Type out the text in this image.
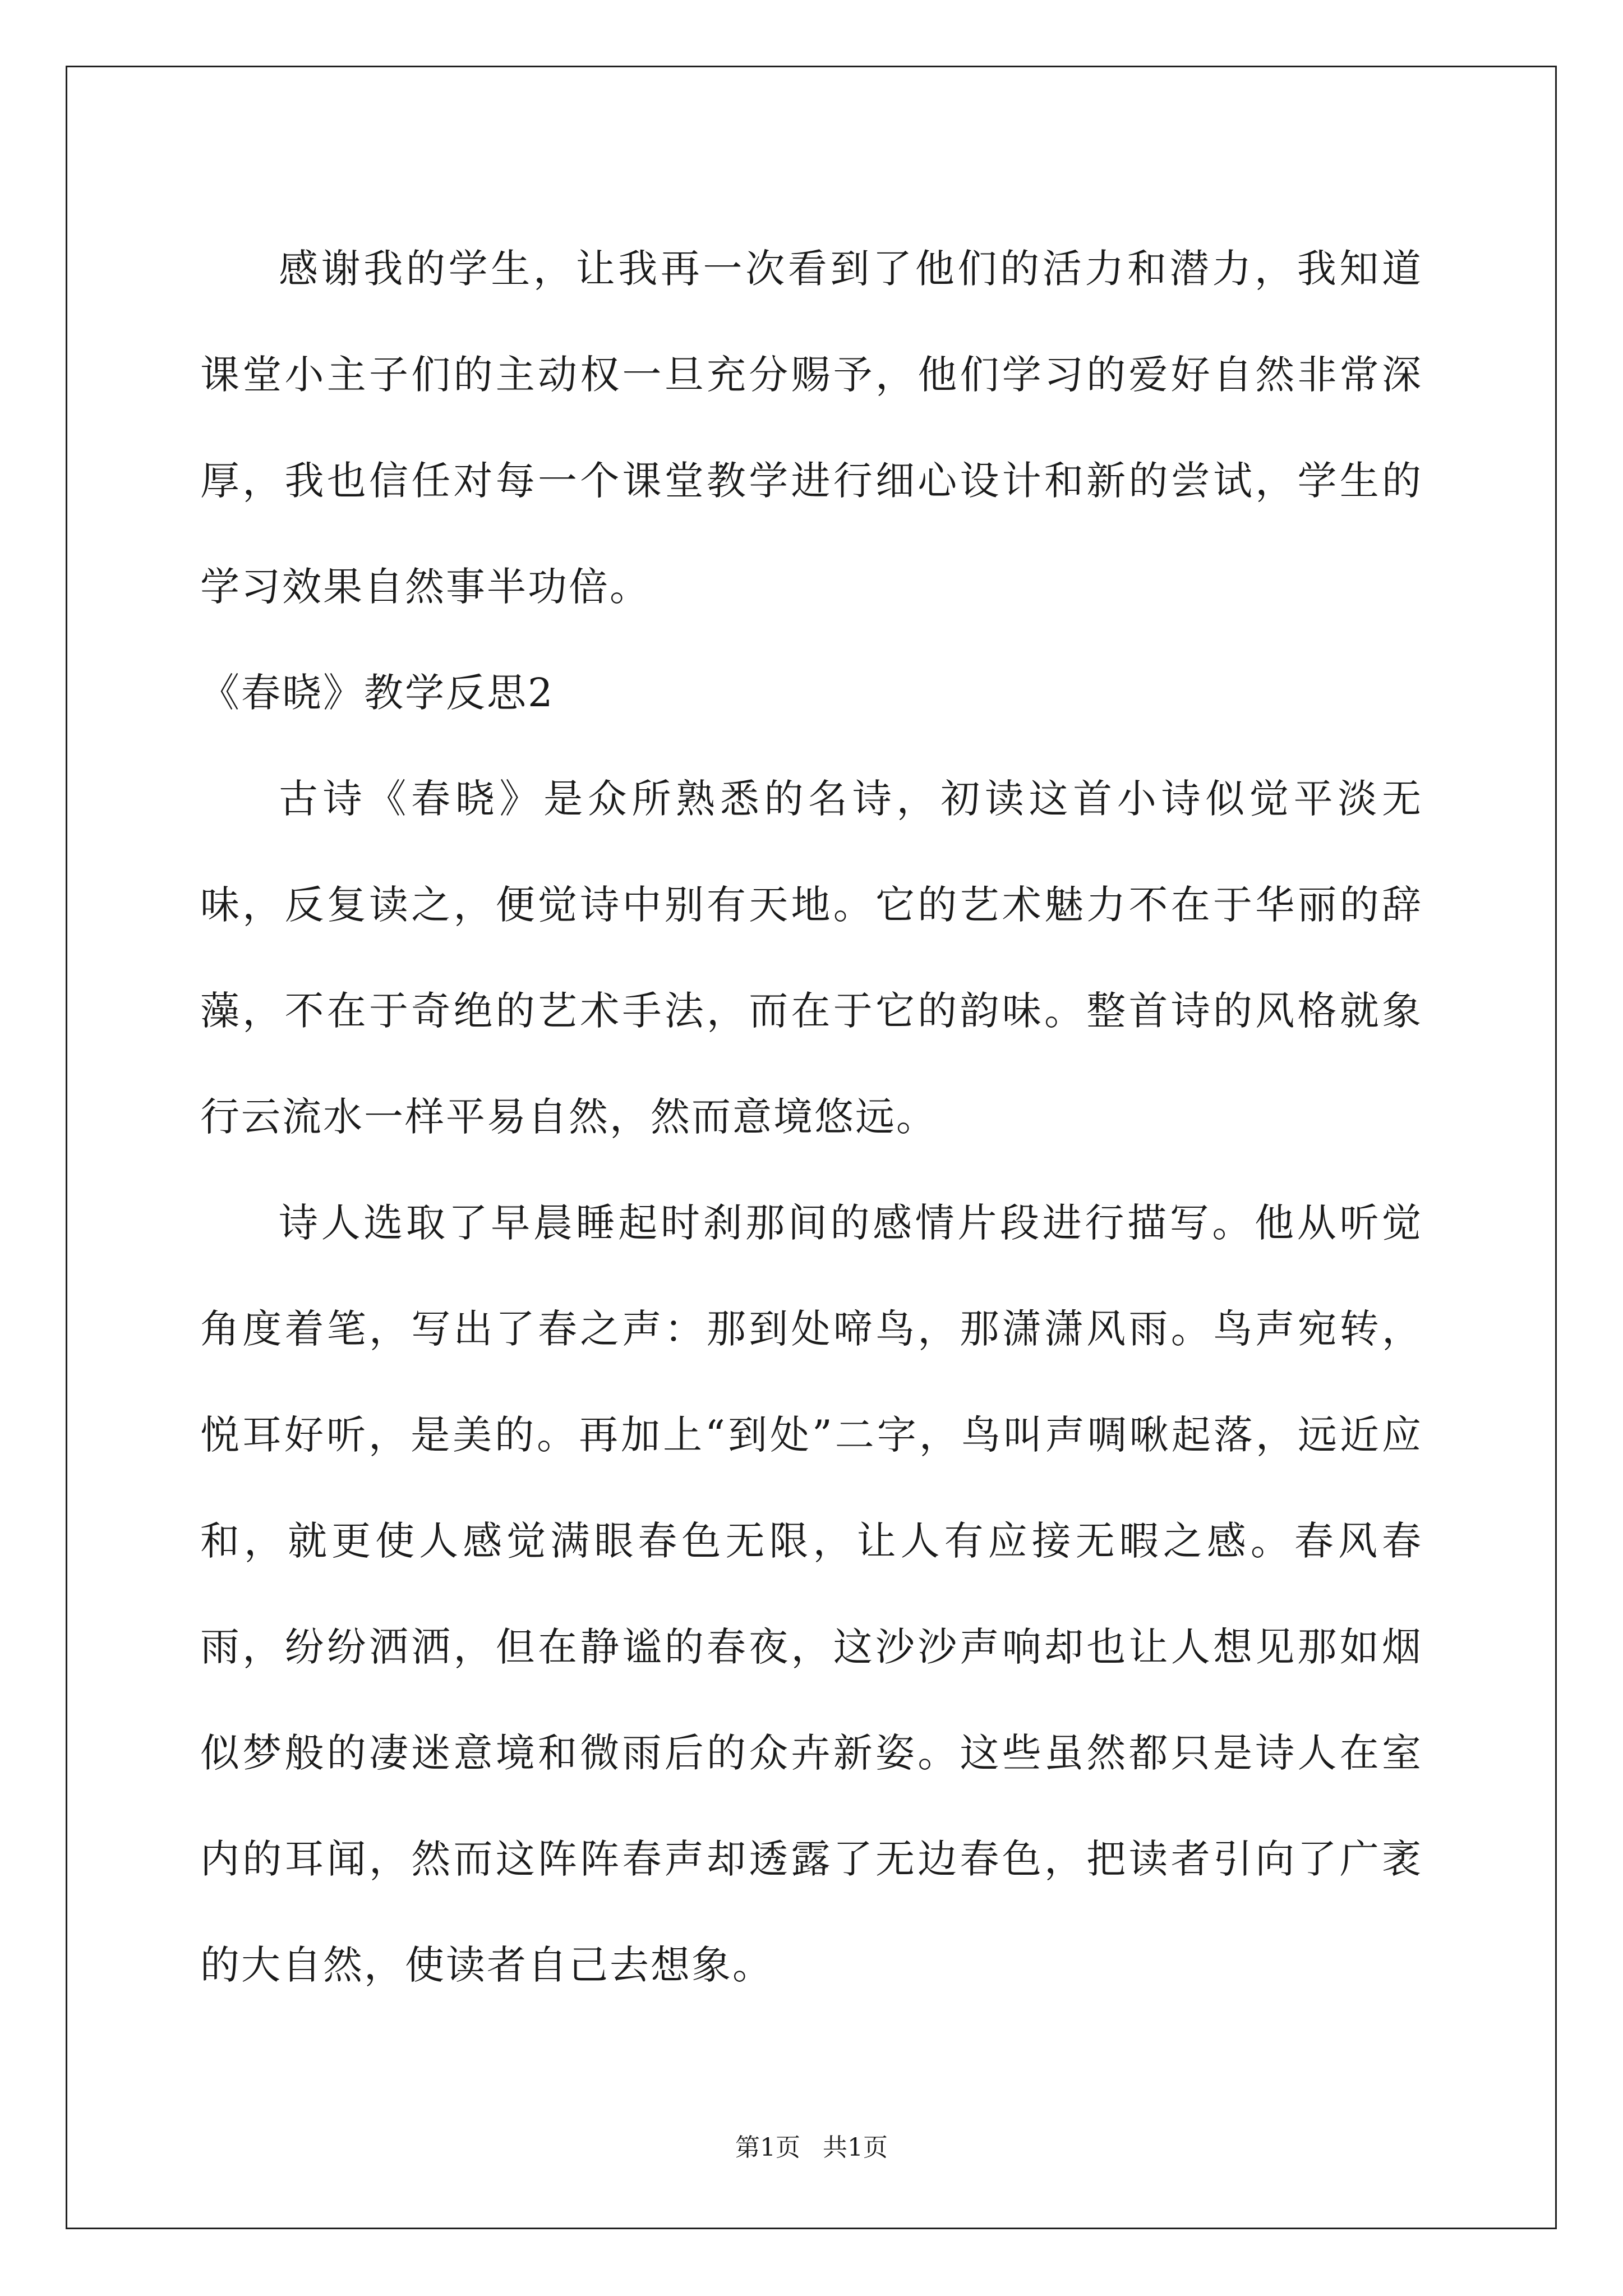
感谢我的学生，让我再一次看到了他们的活力和潜力，我知道课堂小主子们的主动权一旦充分赐予，他们学习的爱好自然非常深厚，我也信任对每一个课堂教学进行细心设计和新的尝试，学生的学习效果自然事半功倍。

《春晓》教学反思2

古诗《春晓》是众所熟悉的名诗，初读这首小诗似觉平淡无味，反复读之，便觉诗中别有天地。它的艺术魅力不在于华丽的辞藻，不在于奇绝的艺术手法，而在于它的韵味。整首诗的风格就象行云流水一样平易自然，然而意境悠远。

诗人选取了早晨睡起时刹那间的感情片段进行描写。他从听觉角度着笔，写出了春之声：那到处啼鸟，那潇潇风雨。鸟声宛转，悦耳好听，是美的。再加上“到处”二字，鸟叫声啁啾起落，远近应和，就更使人感觉满眼春色无限，让人有应接无暇之感。春风春雨，纷纷洒洒，但在静谧的春夜，这沙沙声响却也让人想见那如烟似梦般的凄迷意境和微雨后的众卉新姿。这些虽然都只是诗人在室内的耳闻，然而这阵阵春声却透露了无边春色，把读者引向了广袤的大自然，使读者自己去想象。

第1页 共1页
